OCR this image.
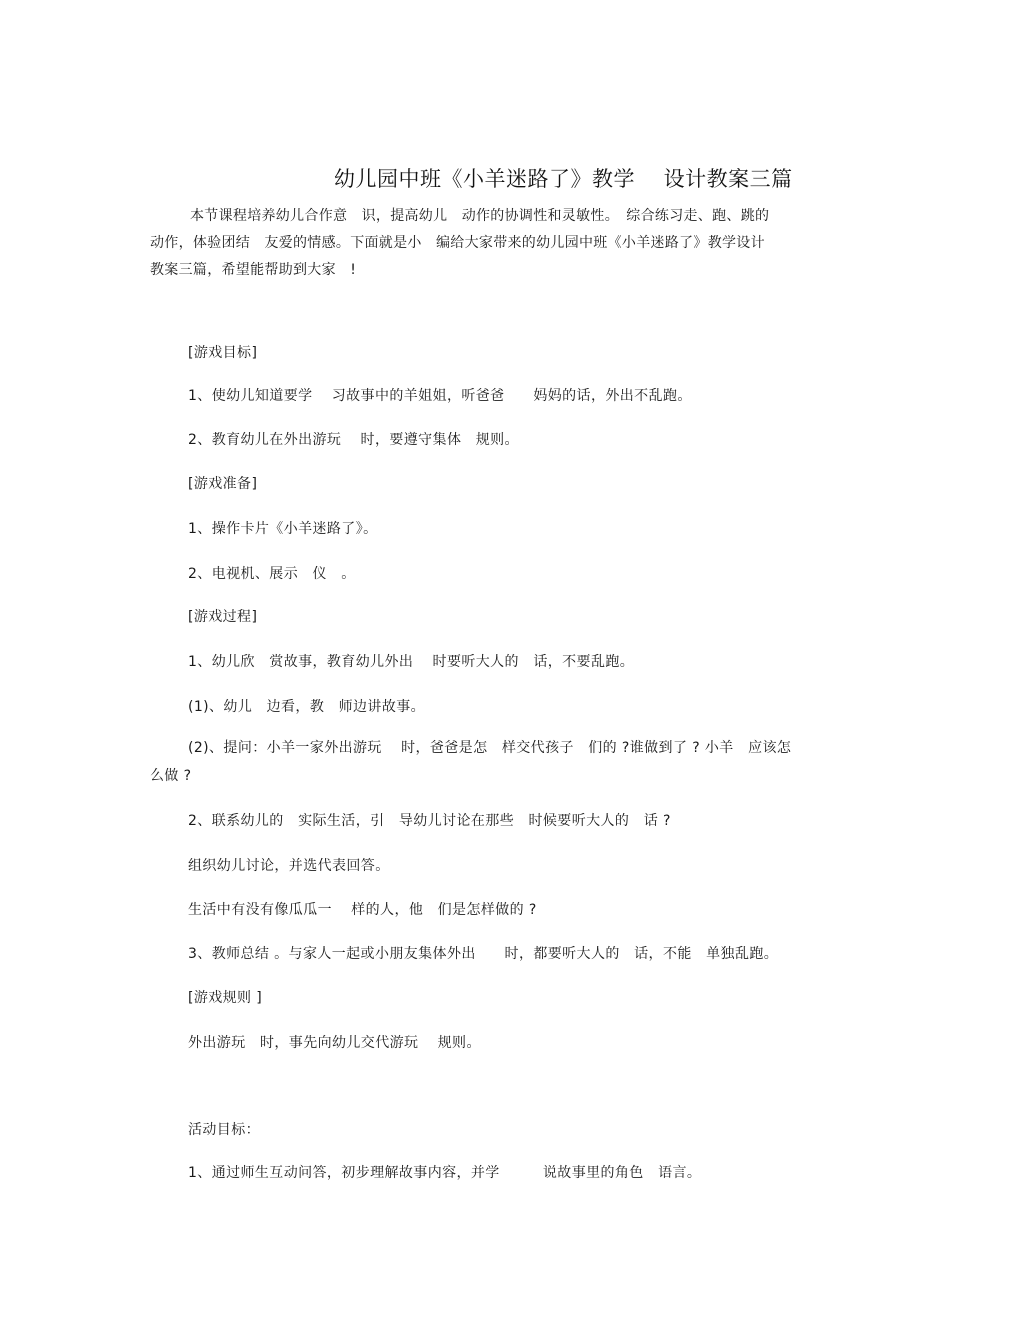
幼儿园中班《小羊迷路了》教学　 设计教案三篇
本节课程培养幼儿合作意　识，提高幼儿　动作的协调性和灵敏性。　综合练习走、跑、跳的
动作，体验团结　友爱的情感。下面就是小　编给大家带来的幼儿园中班《小羊迷路了》教学设计
教案三篇，希望能帮助到大家　!
[游戏目标]
1、使幼儿知道要学　 习故事中的羊姐姐，听爸爸　　妈妈的话，外出不乱跑。
2、教育幼儿在外出游玩　 时，要遵守集体　规则。
[游戏准备]
1、操作卡片《小羊迷路了》。
2、电视机、展示　仪　。
[游戏过程]
1、幼儿欣　赏故事，教育幼儿外出　 时要听大人的　话，不要乱跑。
(1)、幼儿　边看，教　师边讲故事。
(2)、提问：小羊一家外出游玩　 时，爸爸是怎　样交代孩子　们的 ?谁做到了 ? 小羊　应该怎
么做 ?
2、联系幼儿的　实际生活，引　导幼儿讨论在那些　时候要听大人的　话 ?
组织幼儿讨论，并选代表回答。
生活中有没有像瓜瓜一　 样的人，他　们是怎样做的 ?
3、教师总结 。与家人一起或小朋友集体外出　　时，都要听大人的　话，不能　单独乱跑。
[游戏规则 ]
外出游玩　时，事先向幼儿交代游玩　 规则。
活动目标：
1、通过师生互动问答，初步理解故事内容，并学　　　说故事里的角色　语言。
